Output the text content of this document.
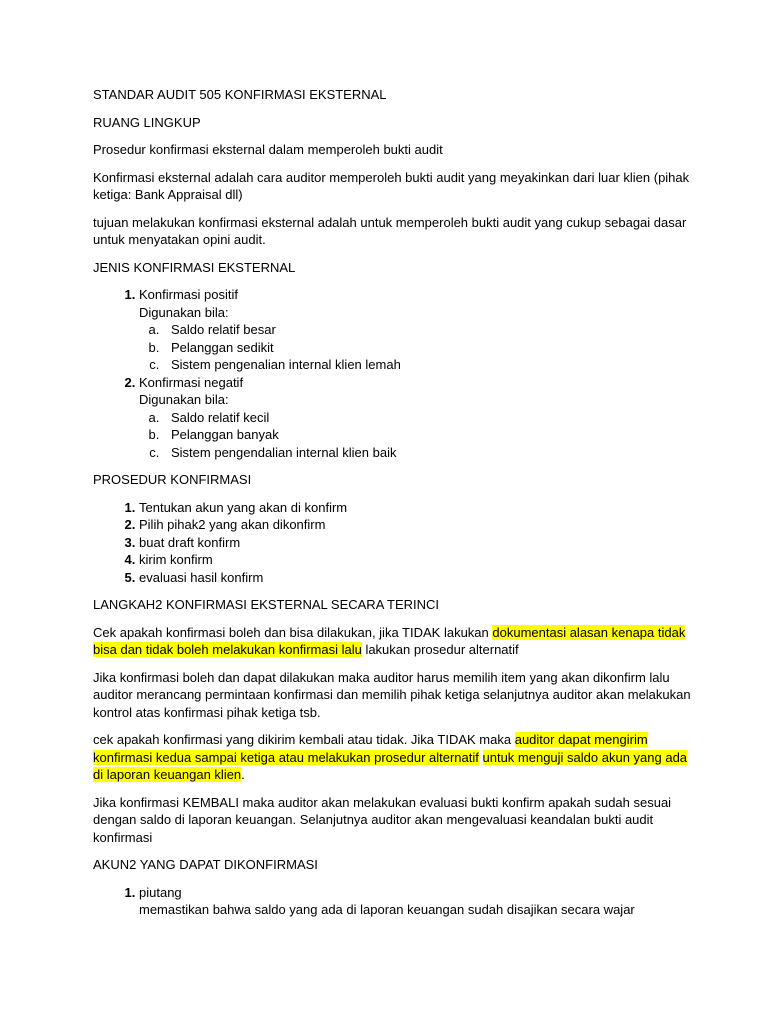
STANDAR AUDIT 505 KONFIRMASI EKSTERNAL

RUANG LINGKUP

Prosedur konfirmasi eksternal dalam memperoleh bukti audit

Konfirmasi eksternal adalah cara auditor memperoleh bukti audit yang meyakinkan dari luar klien (pihak ketiga: Bank Appraisal dll)

tujuan melakukan konfirmasi eksternal adalah untuk memperoleh bukti audit yang cukup sebagai dasar untuk menyatakan opini audit.

JENIS KONFIRMASI EKSTERNAL

1. Konfirmasi positif
Digunakan bila:
a. Saldo relatif besar
b. Pelanggan sedikit
c. Sistem pengenalian internal klien lemah
2. Konfirmasi negatif
Digunakan bila:
a. Saldo relatif kecil
b. Pelanggan banyak
c. Sistem pengendalian internal klien baik

PROSEDUR KONFIRMASI

1. Tentukan akun yang akan di konfirm
2. Pilih pihak2 yang akan dikonfirm
3. buat draft konfirm
4. kirim konfirm
5. evaluasi hasil konfirm

LANGKAH2 KONFIRMASI EKSTERNAL SECARA TERINCI

Cek apakah konfirmasi boleh dan bisa dilakukan, jika TIDAK lakukan dokumentasi alasan kenapa tidak bisa dan tidak boleh melakukan konfirmasi lalu lakukan prosedur alternatif

Jika konfirmasi boleh dan dapat dilakukan maka auditor harus memilih item yang akan dikonfirm lalu auditor merancang permintaan konfirmasi dan memilih pihak ketiga selanjutnya auditor akan melakukan kontrol atas konfirmasi pihak ketiga tsb.

cek apakah konfirmasi yang dikirim kembali atau tidak. Jika TIDAK maka auditor dapat mengirim konfirmasi kedua sampai ketiga atau melakukan prosedur alternatif untuk menguji saldo akun yang ada di laporan keuangan klien.

Jika konfirmasi KEMBALI maka auditor akan melakukan evaluasi bukti konfirm apakah sudah sesuai dengan saldo di laporan keuangan. Selanjutnya auditor akan mengevaluasi keandalan bukti audit konfirmasi

AKUN2 YANG DAPAT DIKONFIRMASI

1. piutang
memastikan bahwa saldo yang ada di laporan keuangan sudah disajikan secara wajar
